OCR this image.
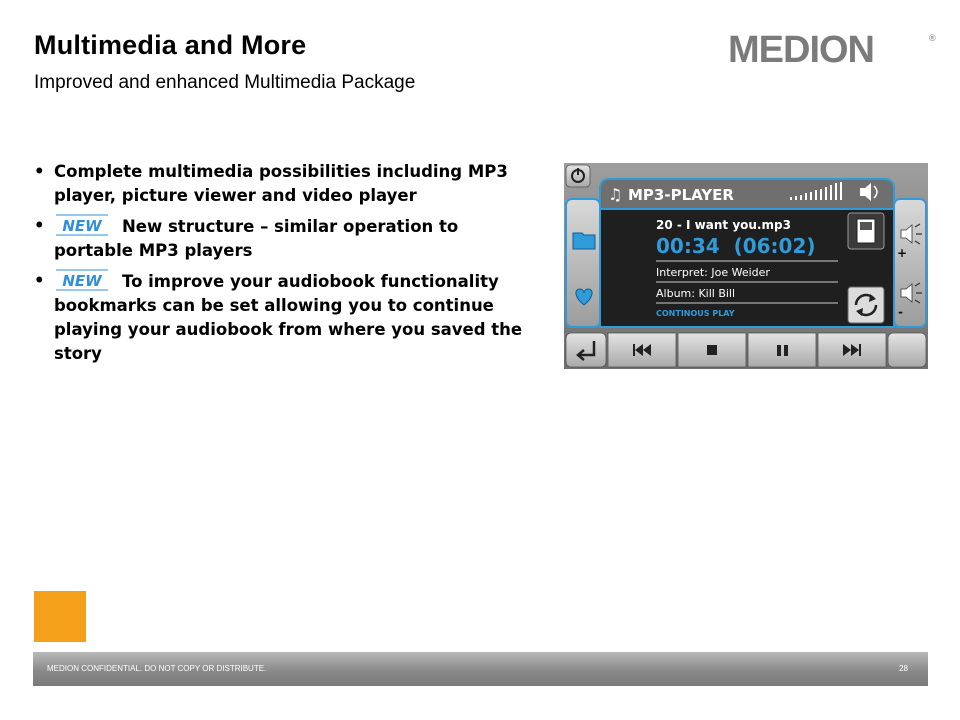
Multimedia and More
Improved and enhanced Multimedia Package
MEDION	®
• Complete multimedia possibilities including MP3 player, picture viewer and video player
• NEW New structure – similar operation to portable MP3 players
• NEW To improve your audiobook functionality bookmarks can be set allowing you to continue playing your audiobook from where you saved the story
♫ MP3-PLAYER
20 - I want you.mp3
00:34  (06:02)
Interpret: Joe Weider
Album: Kill Bill
CONTINOUS PLAY
+
-
MEDION CONFIDENTIAL. DO NOT COPY OR DISTRIBUTE.	28
